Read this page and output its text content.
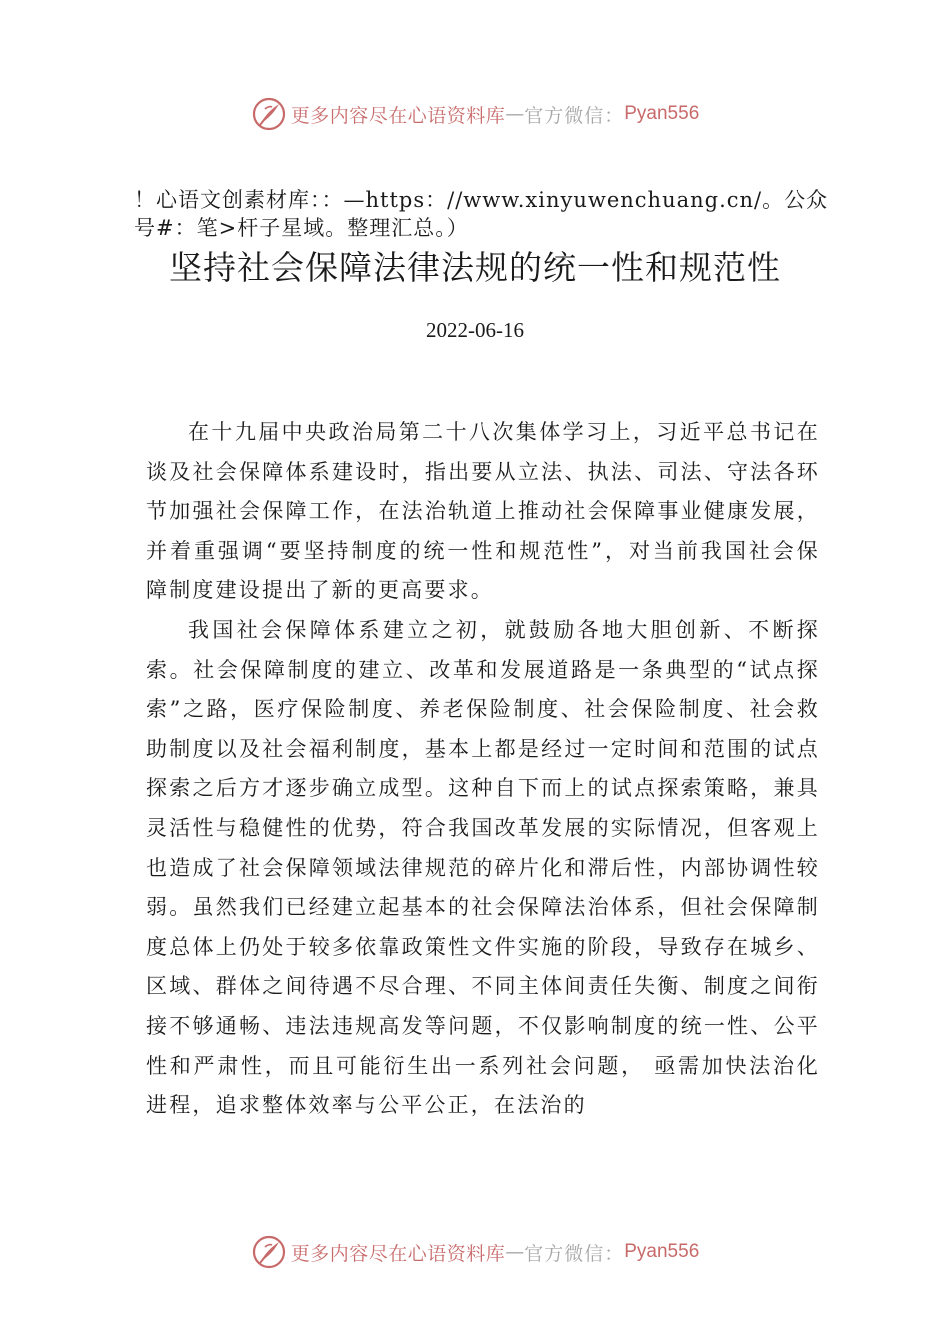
更多内容尽在心语资料库 — 官方微信： Pyan556
！心语文创素材库：：—https：//www.xinyuwenchuang.cn/。公众号#：笔>杆子星域。整理汇总。）
坚持社会保障法律法规的统一性和规范性
2022-06-16

在十九届中央政治局第二十八次集体学习上，习近平总书记在谈及社会保障体系建设时，指出要从立法、执法、司法、守法各环节加强社会保障工作，在法治轨道上推动社会保障事业健康发展，并着重强调“要坚持制度的统一性和规范性”，对当前我国社会保障制度建设提出了新的更高要求。

我国社会保障体系建立之初，就鼓励各地大胆创新、不断探索。社会保障制度的建立、改革和发展道路是一条典型的“试点探索”之路，医疗保险制度、养老保险制度、社会保险制度、社会救助制度以及社会福利制度，基本上都是经过一定时间和范围的试点探索之后方才逐步确立成型。这种自下而上的试点探索策略，兼具灵活性与稳健性的优势，符合我国改革发展的实际情况，但客观上也造成了社会保障领域法律规范的碎片化和滞后性，内部协调性较弱。虽然我们已经建立起基本的社会保障法治体系，但社会保障制度总体上仍处于较多依靠政策性文件实施的阶段，导致存在城乡、 区域、群体之间待遇不尽合理、不同主体间责任失衡、制度之间衔接不够通畅、违法违规高发等问题，不仅影响制度的统一性、公平性和严肃性，而且可能衍生出一系列社会问题， 亟需加快法治化进程，追求整体效率与公平公正，在法治的

更多内容尽在心语资料库 — 官方微信： Pyan556
